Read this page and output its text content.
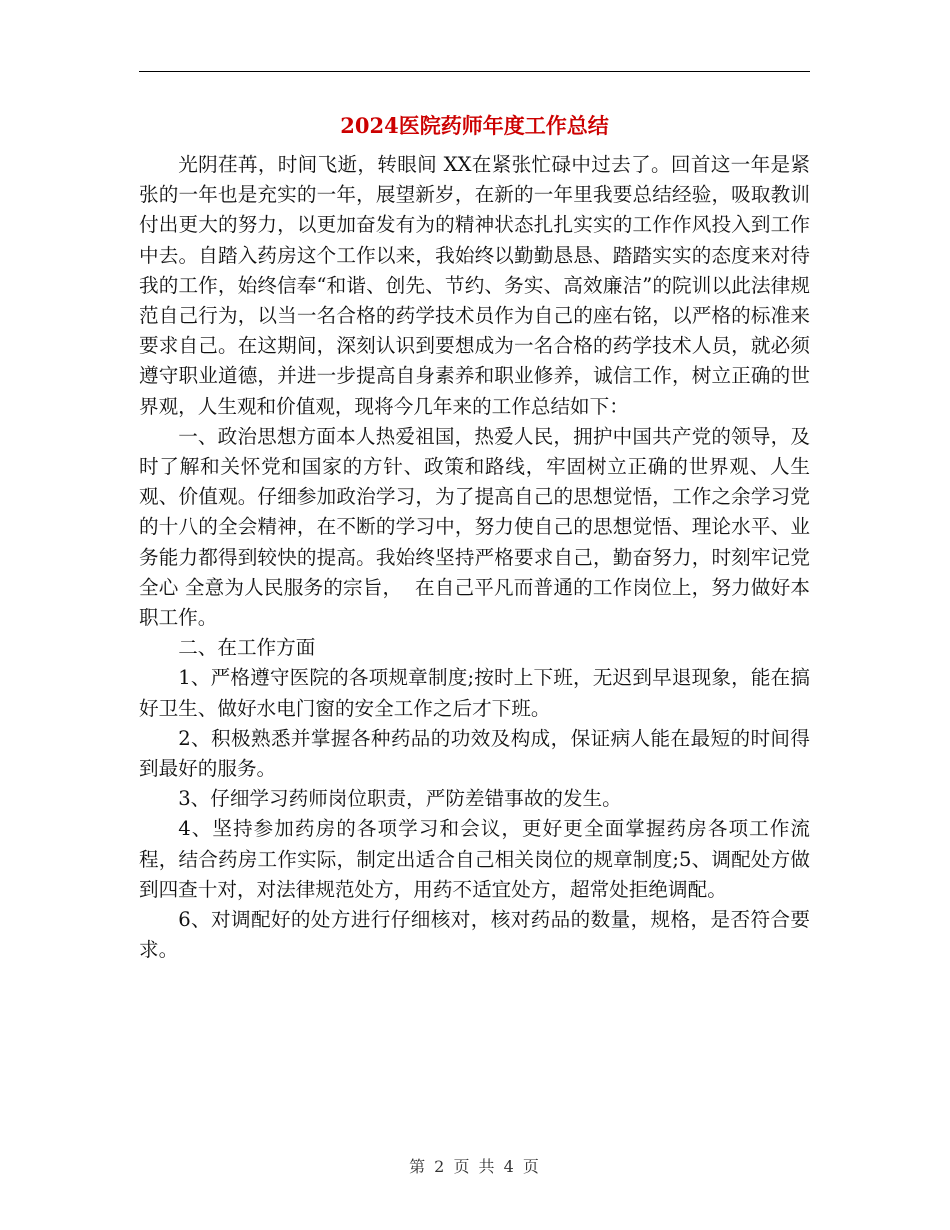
2024医院药师年度工作总结

光阴荏苒，时间飞逝，转眼间 XX在紧张忙碌中过去了。回首这一年是紧张的一年也是充实的一年，展望新岁，在新的一年里我要总结经验，吸取教训付出更大的努力，以更加奋发有为的精神状态扎扎实实的工作作风投入到工作中去。自踏入药房这个工作以来，我始终以勤勤恳恳、踏踏实实的态度来对待我的工作，始终信奉“和谐、创先、节约、务实、高效廉洁”的院训以此法律规范自己行为，以当一名合格的药学技术员作为自己的座右铭，以严格的标准来要求自己。在这期间，深刻认识到要想成为一名合格的药学技术人员，就必须遵守职业道德，并进一步提高自身素养和职业修养，诚信工作，树立正确的世界观，人生观和价值观，现将今几年来的工作总结如下：

一、政治思想方面本人热爱祖国，热爱人民，拥护中国共产党的领导，及时了解和关怀党和国家的方针、政策和路线，牢固树立正确的世界观、人生观、价值观。仔细参加政治学习，为了提高自己的思想觉悟，工作之余学习党的十八的全会精神，在不断的学习中，努力使自己的思想觉悟、理论水平、业务能力都得到较快的提高。我始终坚持严格要求自己，勤奋努力，时刻牢记党全心 全意为人民服务的宗旨，  在自己平凡而普通的工作岗位上，努力做好本职工作。

二、在工作方面

1、严格遵守医院的各项规章制度;按时上下班，无迟到早退现象，能在搞好卫生、做好水电门窗的安全工作之后才下班。

2、积极熟悉并掌握各种药品的功效及构成，保证病人能在最短的时间得到最好的服务。

3、仔细学习药师岗位职责，严防差错事故的发生。

4、坚持参加药房的各项学习和会议，更好更全面掌握药房各项工作流程，结合药房工作实际，制定出适合自己相关岗位的规章制度;5、调配处方做到四查十对，对法律规范处方，用药不适宜处方，超常处拒绝调配。

6、对调配好的处方进行仔细核对，核对药品的数量，规格，是否符合要求。

第 2 页 共 4 页
